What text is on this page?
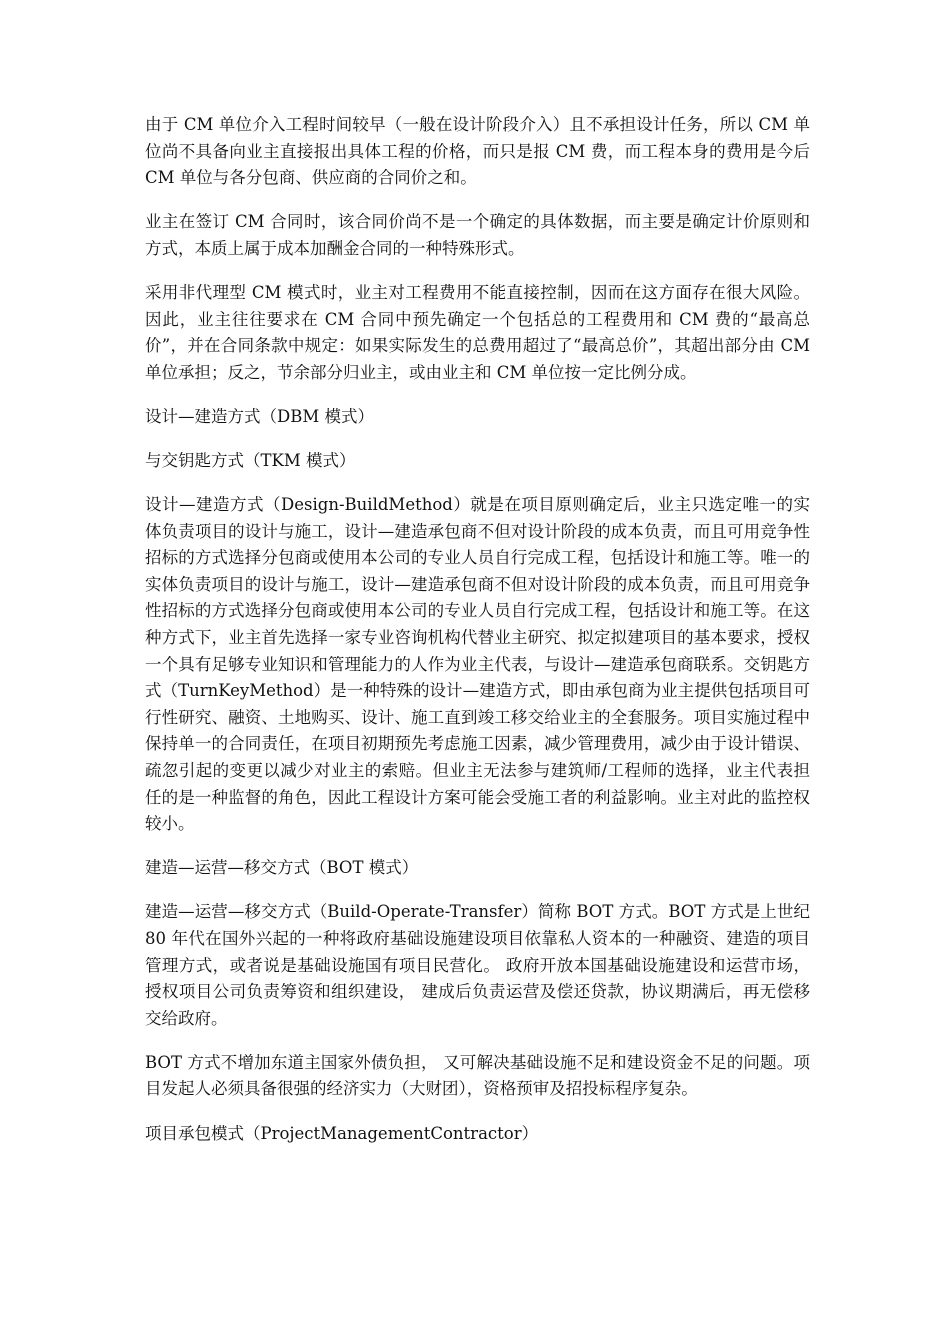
由于 CM 单位介入工程时间较早（一般在设计阶段介入）且不承担设计任务，所以 CM 单位尚不具备向业主直接报出具体工程的价格，而只是报 CM 费，而工程本身的费用是今后 CM 单位与各分包商、供应商的合同价之和。

业主在签订 CM 合同时，该合同价尚不是一个确定的具体数据，而主要是确定计价原则和方式，本质上属于成本加酬金合同的一种特殊形式。

采用非代理型 CM 模式时，业主对工程费用不能直接控制，因而在这方面存在很大风险。因此，业主往往要求在 CM 合同中预先确定一个包括总的工程费用和 CM 费的“最高总价”，并在合同条款中规定：如果实际发生的总费用超过了“最高总价”，其超出部分由 CM 单位承担；反之，节余部分归业主，或由业主和 CM 单位按一定比例分成。

设计—建造方式（DBM 模式）

与交钥匙方式（TKM 模式）

设计—建造方式（Design-BuildMethod）就是在项目原则确定后，业主只选定唯一的实体负责项目的设计与施工，设计—建造承包商不但对设计阶段的成本负责，而且可用竞争性招标的方式选择分包商或使用本公司的专业人员自行完成工程，包括设计和施工等。唯一的实体负责项目的设计与施工，设计—建造承包商不但对设计阶段的成本负责，而且可用竞争性招标的方式选择分包商或使用本公司的专业人员自行完成工程，包括设计和施工等。在这种方式下，业主首先选择一家专业咨询机构代替业主研究、拟定拟建项目的基本要求，授权一个具有足够专业知识和管理能力的人作为业主代表，与设计—建造承包商联系。交钥匙方式（TurnKeyMethod）是一种特殊的设计—建造方式，即由承包商为业主提供包括项目可行性研究、融资、土地购买、设计、施工直到竣工移交给业主的全套服务。项目实施过程中保持单一的合同责任，在项目初期预先考虑施工因素，减少管理费用，减少由于设计错误、疏忽引起的变更以减少对业主的索赔。但业主无法参与建筑师/工程师的选择，业主代表担任的是一种监督的角色，因此工程设计方案可能会受施工者的利益影响。业主对此的监控权较小。

建造—运营—移交方式（BOT 模式）

建造—运营—移交方式（Build-Operate-Transfer）简称 BOT 方式。BOT 方式是上世纪 80 年代在国外兴起的一种将政府基础设施建设项目依靠私人资本的一种融资、建造的项目管理方式，或者说是基础设施国有项目民营化。 政府开放本国基础设施建设和运营市场，授权项目公司负责筹资和组织建设， 建成后负责运营及偿还贷款，协议期满后，再无偿移交给政府。

BOT 方式不增加东道主国家外债负担， 又可解决基础设施不足和建设资金不足的问题。项目发起人必须具备很强的经济实力（大财团），资格预审及招投标程序复杂。

项目承包模式（ProjectManagementContractor）
